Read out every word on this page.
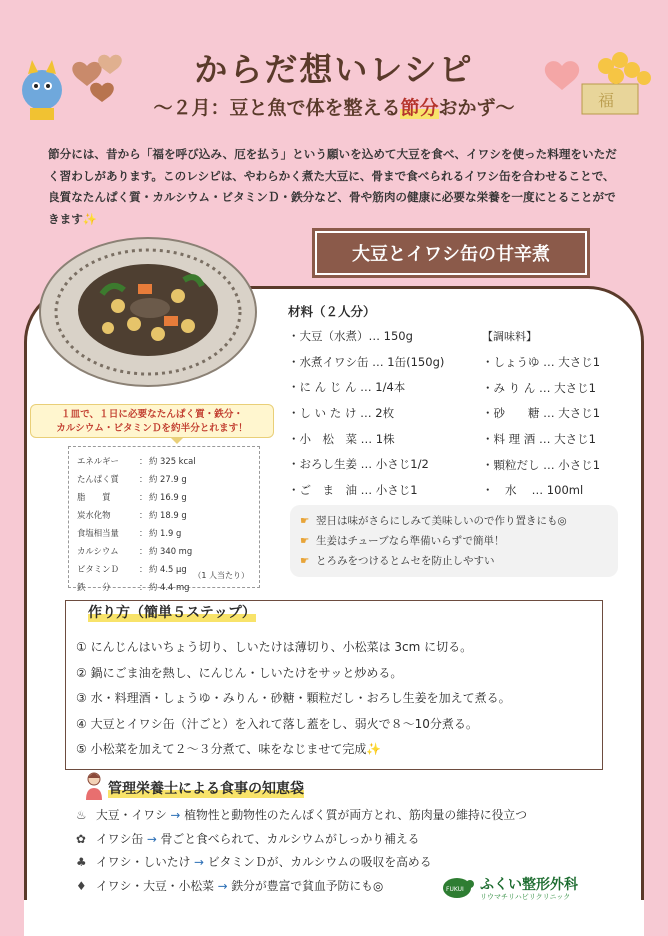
福
からだ想いレシピ
〜２月：豆と魚で体を整える節分おかず〜

節分には、昔から「福を呼び込み、厄を払う」という願いを込めて大豆を食べ、イワシを使った料理をいただく習わしがあります。このレシピは、やわらかく煮た大豆に、骨まで食べられるイワシ缶を合わせることで、良質なたんぱく質・カルシウム・ビタミンＤ・鉄分など、骨や筋肉の健康に必要な栄養を一度にとることができます✨

大豆とイワシ缶の甘辛煮
１皿で、１日に必要なたんぱく質・鉄分・
カルシウム・ビタミンＤを約半分とれます！
エネルギー	： 約 325 kcal
たんぱく質	： 約 27.9 g
脂　　質	： 約 16.9 g
炭水化物	： 約 18.9 g
食塩相当量	： 約 1.9 g
カルシウム	： 約 340 mg
ビタミンＤ	： 約 4.5 μg
鉄　　分	： 約 4.4 mg
（1 人当たり）
材料（２人分）
・大豆（水煮）… 150g
・水煮イワシ缶 … 1缶(150g)
・に ん じ ん … 1/4本
・し い た け … 2枚
・小　松　菜 … 1株
・おろし生姜 … 小さじ1/2
・ご　ま　油 … 小さじ1
【調味料】
・しょうゆ … 大さじ1
・み り ん … 大さじ1
・砂　　糖 … 大さじ1
・料 理 酒 … 大さじ1
・顆粒だし … 小さじ1
・　水　 … 100ml
☛ 翌日は味がさらにしみて美味しいので作り置きにも◎
☛ 生姜はチューブなら準備いらずで簡単！
☛ とろみをつけるとムセを防止しやすい
作り方（簡単５ステップ）
① にんじんはいちょう切り、しいたけは薄切り、小松菜は 3cm に切る。
② 鍋にごま油を熱し、にんじん・しいたけをサッと炒める。
③ 水・料理酒・しょうゆ・みりん・砂糖・顆粒だし・おろし生姜を加えて煮る。
④ 大豆とイワシ缶（汁ごと）を入れて落し蓋をし、弱火で８〜10分煮る。
⑤ 小松菜を加えて２〜３分煮て、味をなじませて完成✨
管理栄養士による食事の知恵袋
♨ 大豆・イワシ → 植物性と動物性のたんぱく質が両方とれ、筋肉量の維持に役立つ
✿ イワシ缶 → 骨ごと食べられて、カルシウムがしっかり補える
♣ イワシ・しいたけ → ビタミンＤが、カルシウムの吸収を高める
♦ イワシ・大豆・小松菜 → 鉄分が豊富で貧血予防にも◎	FUKUI ふくい整形外科
リウマチリハビリクリニック
